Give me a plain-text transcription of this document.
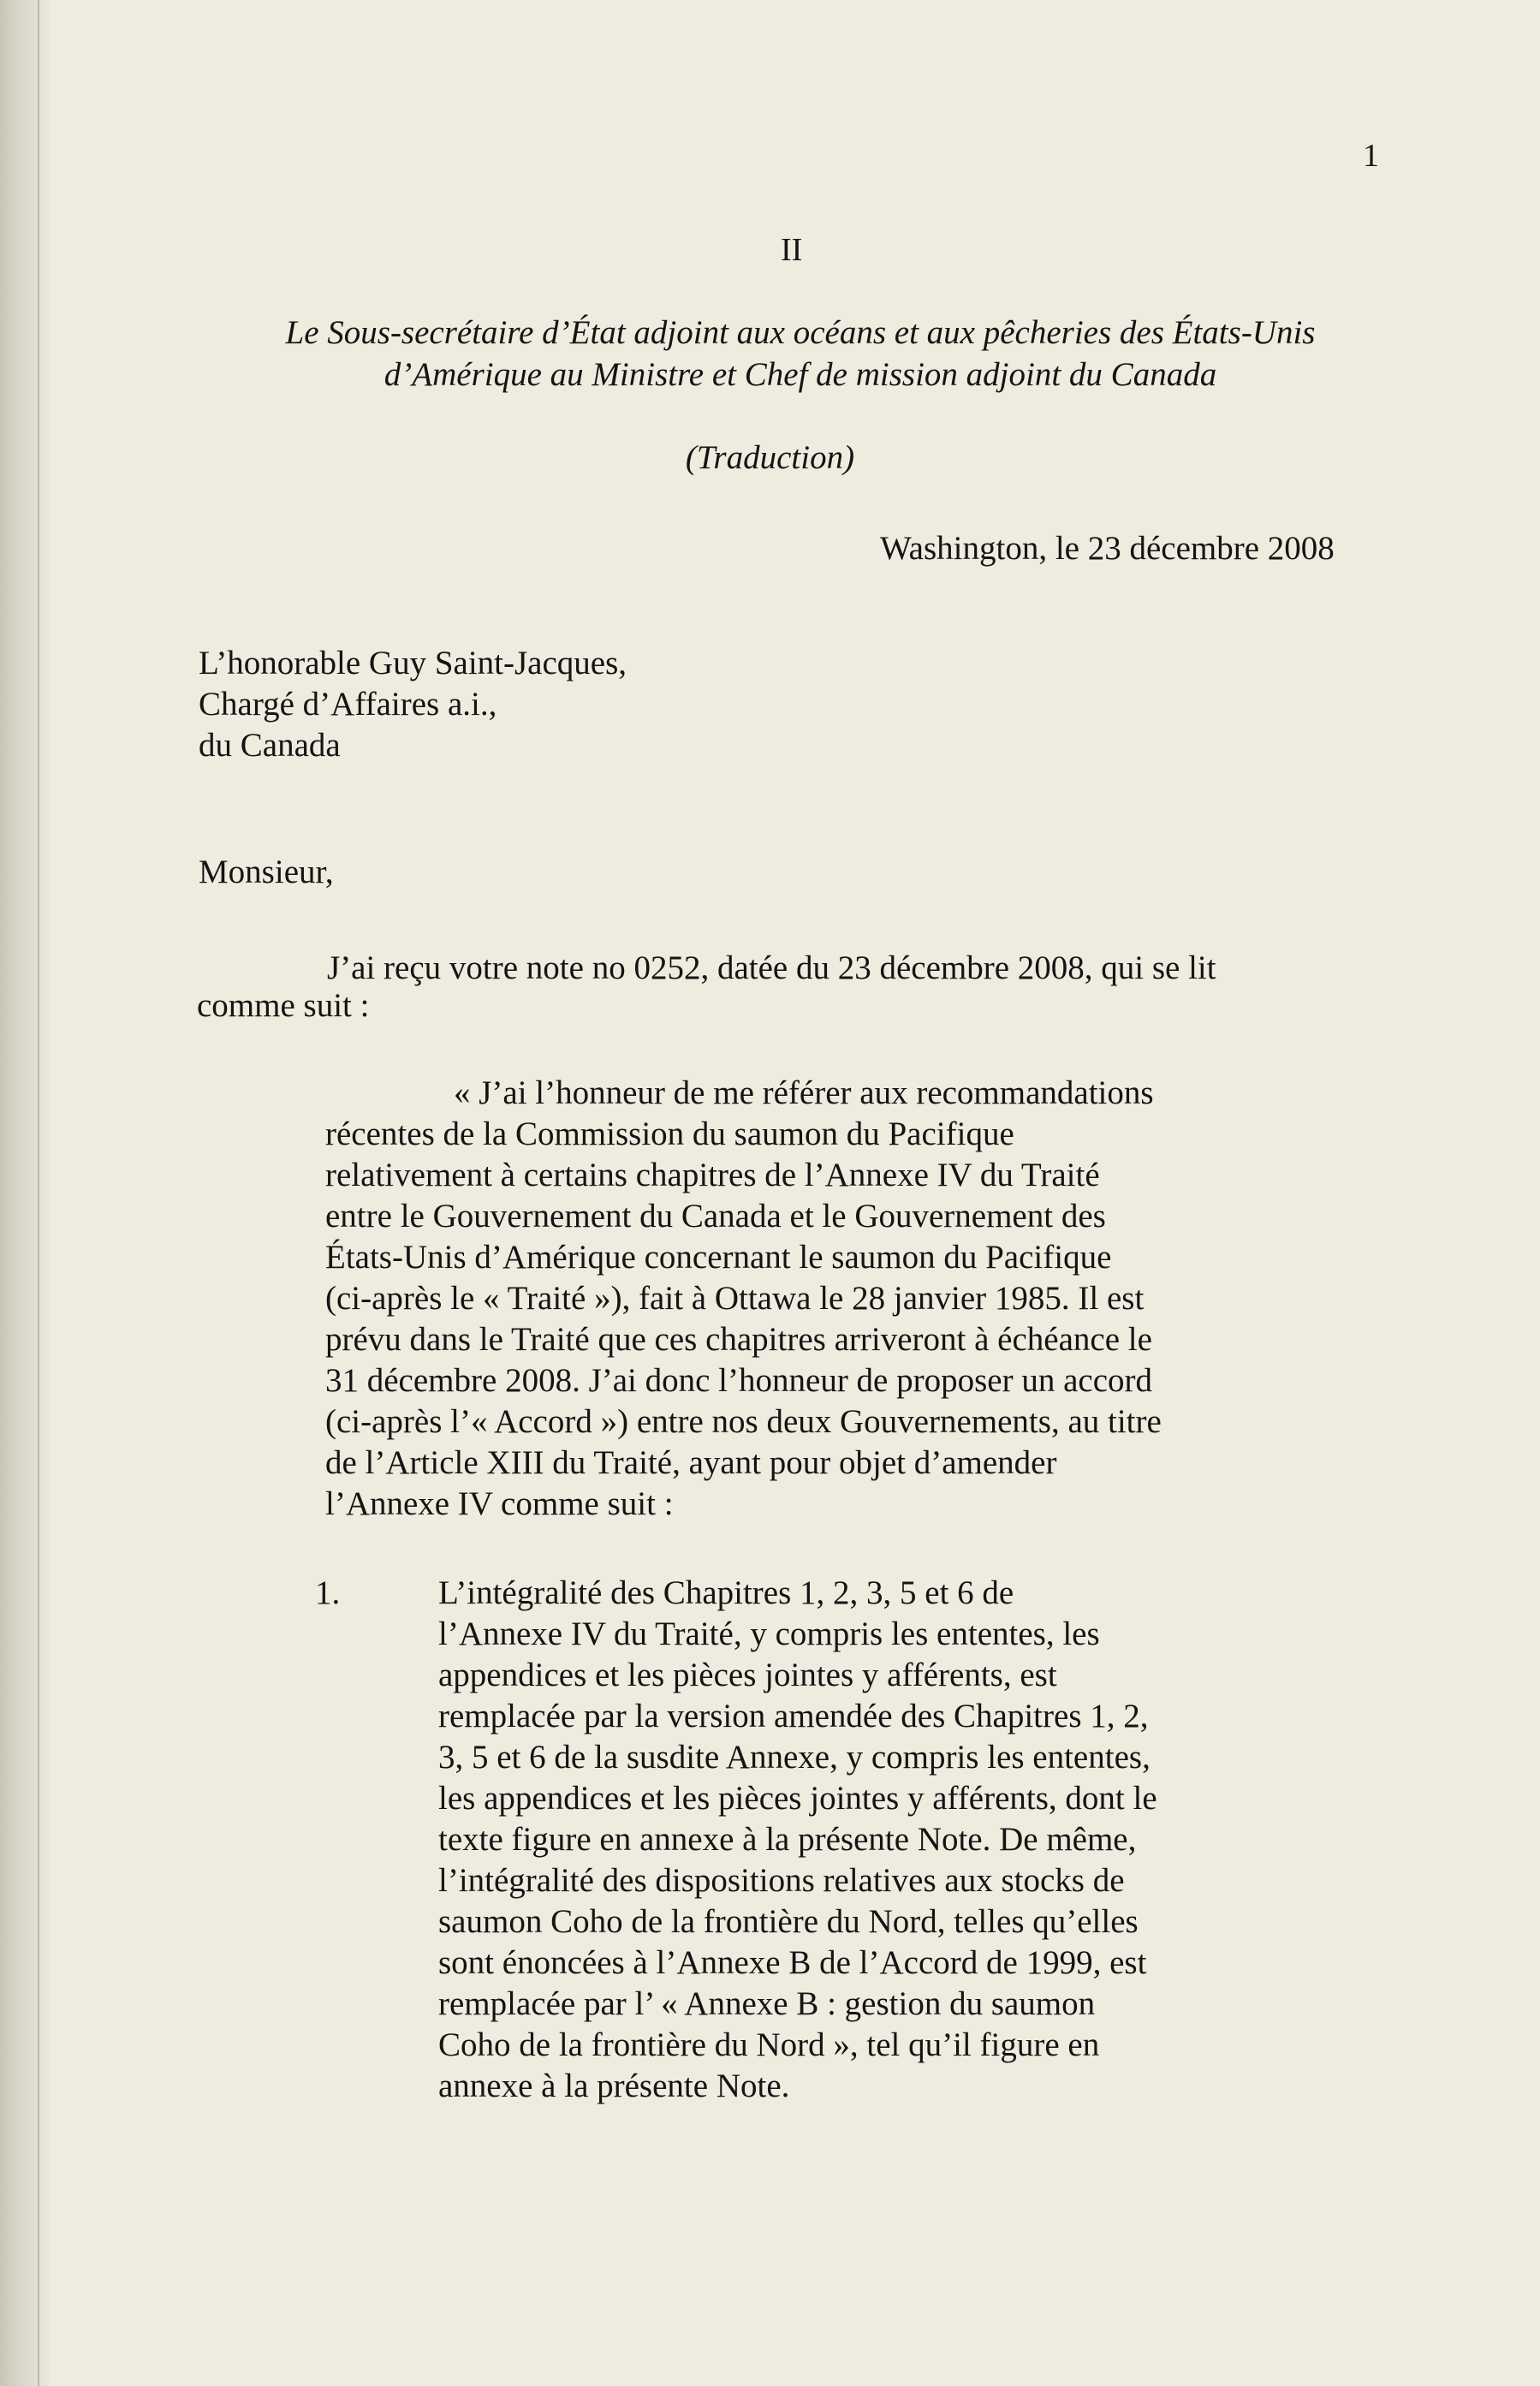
1
II
Le Sous-secrétaire d’État adjoint aux océans et aux pêcheries des États-Unis
d’Amérique au Ministre et Chef de mission adjoint du Canada
(Traduction)
Washington, le 23 décembre 2008
L’honorable Guy Saint-Jacques,
Chargé d’Affaires a.i.,
du Canada
Monsieur,
J’ai reçu votre note no 0252, datée du 23 décembre 2008, qui se lit
comme suit :
« J’ai l’honneur de me référer aux recommandations
récentes de la Commission du saumon du Pacifique
relativement à certains chapitres de l’Annexe IV du Traité
entre le Gouvernement du Canada et le Gouvernement des
États-Unis d’Amérique concernant le saumon du Pacifique
(ci-après le « Traité »), fait à Ottawa le 28 janvier 1985. Il est
prévu dans le Traité que ces chapitres arriveront à échéance le
31 décembre 2008. J’ai donc l’honneur de proposer un accord
(ci-après l’« Accord ») entre nos deux Gouvernements, au titre
de l’Article XIII du Traité, ayant pour objet d’amender
l’Annexe IV comme suit :
1.	L’intégralité des Chapitres 1, 2, 3, 5 et 6 de
l’Annexe IV du Traité, y compris les ententes, les
appendices et les pièces jointes y afférents, est
remplacée par la version amendée des Chapitres 1, 2,
3, 5 et 6 de la susdite Annexe, y compris les ententes,
les appendices et les pièces jointes y afférents, dont le
texte figure en annexe à la présente Note. De même,
l’intégralité des dispositions relatives aux stocks de
saumon Coho de la frontière du Nord, telles qu’elles
sont énoncées à l’Annexe B de l’Accord de 1999, est
remplacée par l’ « Annexe B : gestion du saumon
Coho de la frontière du Nord », tel qu’il figure en
annexe à la présente Note.
